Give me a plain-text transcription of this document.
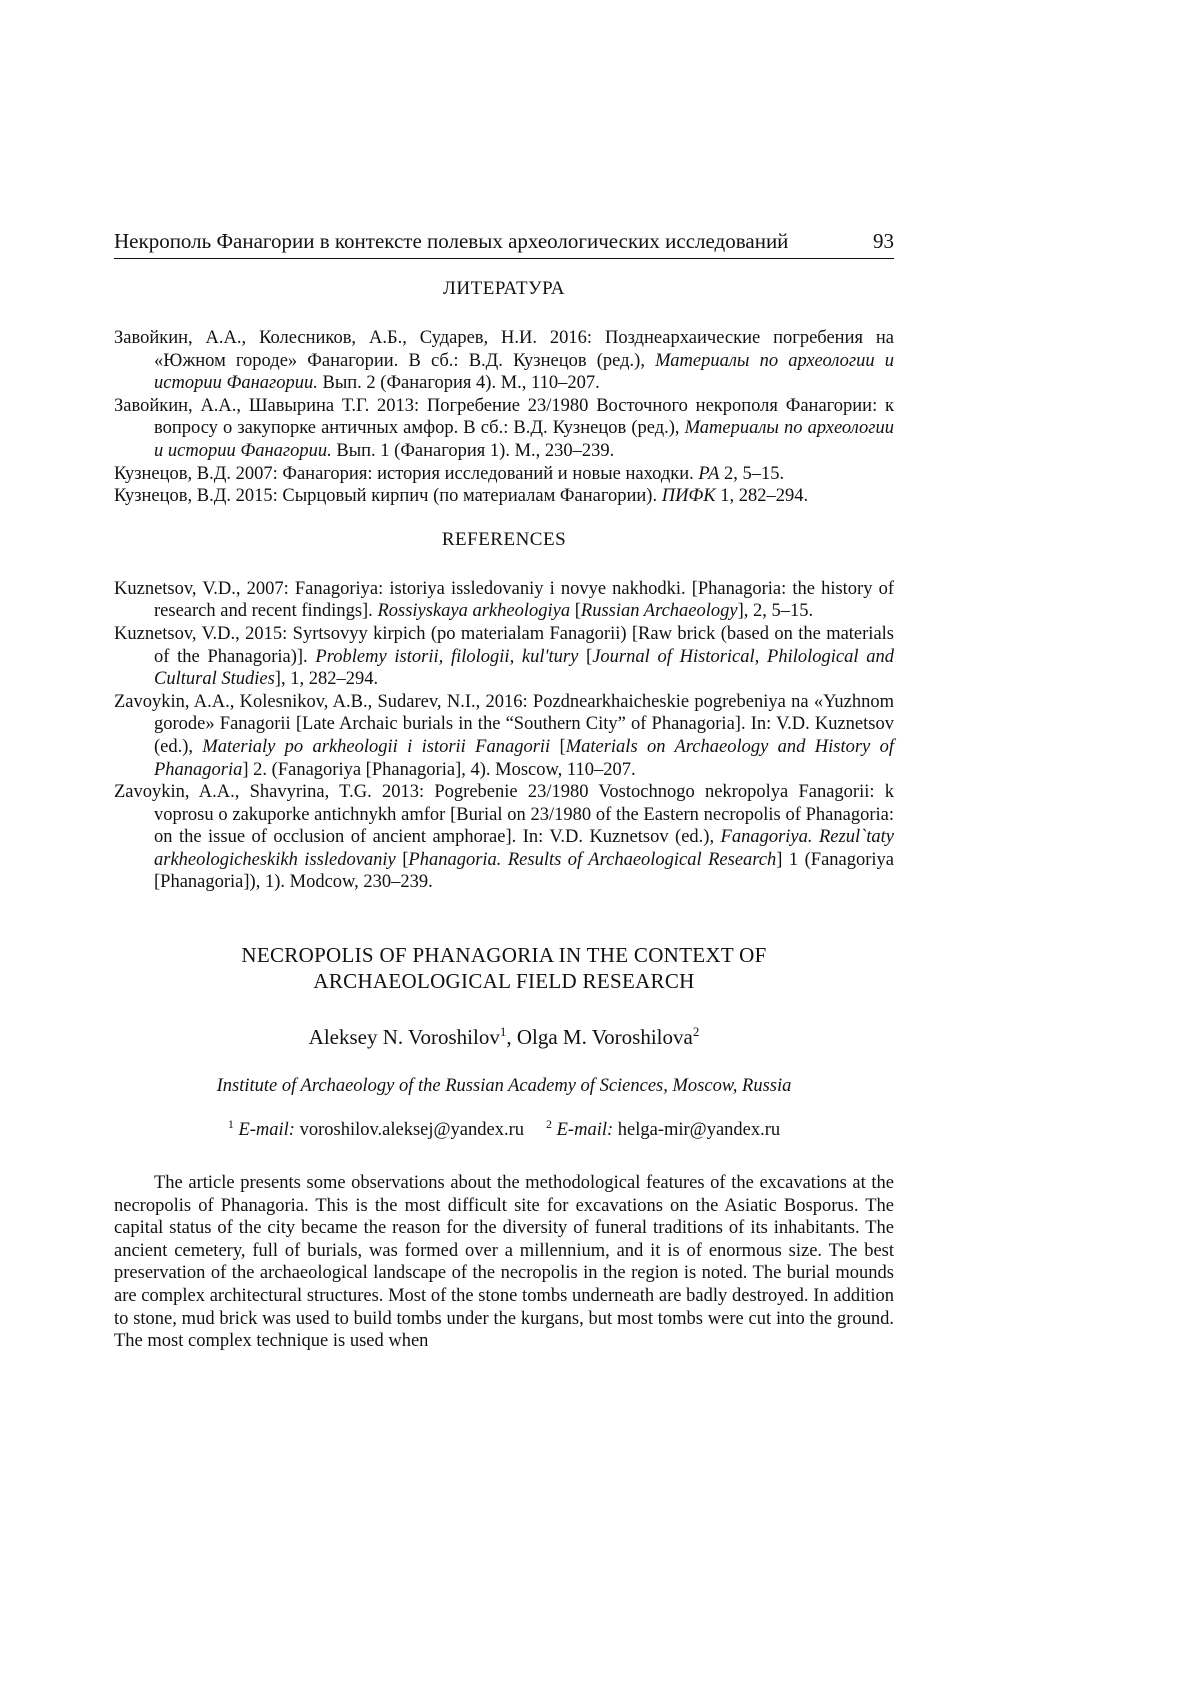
Некрополь Фанагории в контексте полевых археологических исследований	93
ЛИТЕРАТУРА
Завойкин, А.А., Колесников, А.Б., Сударев, Н.И. 2016: Позднеархаические погребения на «Южном городе» Фанагории. В сб.: В.Д. Кузнецов (ред.), Материалы по археологии и истории Фанагории. Вып. 2 (Фанагория 4). М., 110–207.
Завойкин, А.А., Шавырина Т.Г. 2013: Погребение 23/1980 Восточного некрополя Фанагории: к вопросу о закупорке античных амфор. В сб.: В.Д. Кузнецов (ред.), Материалы по археологии и истории Фанагории. Вып. 1 (Фанагория 1). М., 230–239.
Кузнецов, В.Д. 2007: Фанагория: история исследований и новые находки. РА 2, 5–15.
Кузнецов, В.Д. 2015: Сырцовый кирпич (по материалам Фанагории). ПИФК 1, 282–294.
REFERENCES
Kuznetsov, V.D., 2007: Fanagoriya: istoriya issledovaniy i novye nakhodki. [Phanagoria: the history of research and recent findings]. Rossiyskaya arkheologiya [Russian Archaeology], 2, 5–15.
Kuznetsov, V.D., 2015: Syrtsovyy kirpich (po materialam Fanagorii) [Raw brick (based on the materials of the Phanagoria)]. Problemy istorii, filologii, kul'tury [Journal of Historical, Philological and Cultural Studies], 1, 282–294.
Zavoykin, A.A., Kolesnikov, A.B., Sudarev, N.I., 2016: Pozdnearkhaicheskie pogrebeniya na «Yuzhnom gorode» Fanagorii [Late Archaic burials in the “Southern City” of Phanagoria]. In: V.D. Kuznetsov (ed.), Materialy po arkheologii i istorii Fanagorii [Materials on Archaeology and History of Phanagoria] 2. (Fanagoriya [Phanagoria], 4). Moscow, 110–207.
Zavoykin, A.A., Shavyrina, T.G. 2013: Pogrebenie 23/1980 Vostochnogo nekropolya Fanagorii: k voprosu o zakuporke antichnykh amfor [Burial on 23/1980 of the Eastern necropolis of Phanagoria: on the issue of occlusion of ancient amphorae]. In: V.D. Kuznetsov (ed.), Fanagoriya. Rezul`taty arkheologicheskikh issledovaniy [Phanagoria. Results of Archaeological Research] 1 (Fanagoriya [Phanagoria]), 1). Modcow, 230–239.
NECROPOLIS OF PHANAGORIA IN THE CONTEXT OF
ARCHAEOLOGICAL FIELD RESEARCH
Aleksey N. Voroshilov$^1$, Olga M. Voroshilova$^2$
Institute of Archaeology of the Russian Academy of Sciences, Moscow, Russia
$^1$ E-mail: voroshilov.aleksej@yandex.ru $^2$ E-mail: helga-mir@yandex.ru
The article presents some observations about the methodological features of the excavations at the necropolis of Phanagoria. This is the most difficult site for excavations on the Asiatic Bosporus. The capital status of the city became the reason for the diversity of funeral traditions of its inhabitants. The ancient cemetery, full of burials, was formed over a millennium, and it is of enormous size. The best preservation of the archaeological landscape of the necropolis in the region is noted. The burial mounds are complex architectural structures. Most of the stone tombs underneath are badly destroyed. In addition to stone, mud brick was used to build tombs under the kurgans, but most tombs were cut into the ground. The most complex technique is used when
